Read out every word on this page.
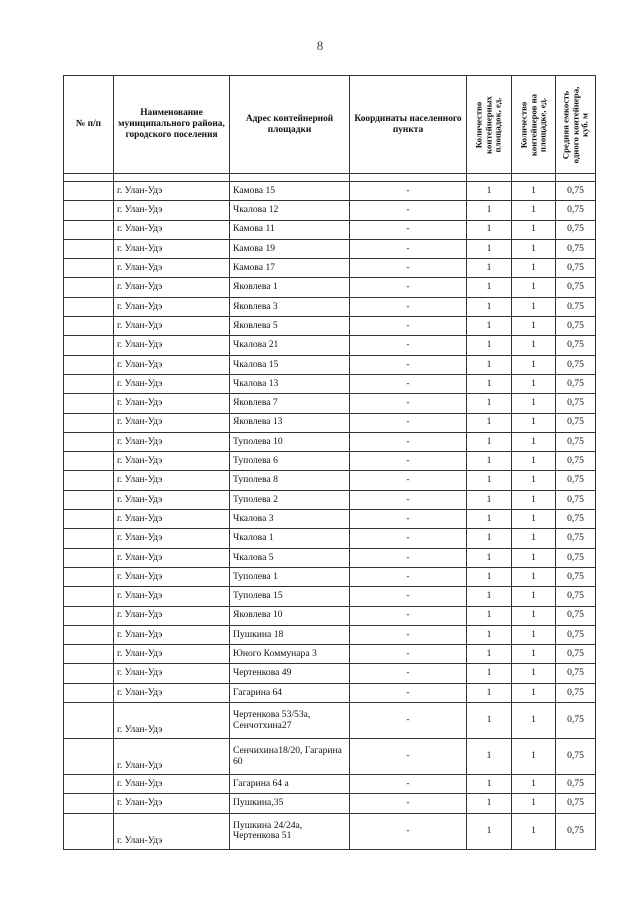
8
№ п/п	Наименование муниципального района, городского поселения	Адрес контейнерной площадки	Координаты населенного пункта	Количество контейнерных площадок, ед.	Количество контейнеров на площадке, ед.	Средняя емкость одного контейнера, куб. м

	г. Улан-Удэ	Камова 15	-	1	1	0,75
	г. Улан-Удэ	Чкалова 12	-	1	1	0,75
	г. Улан-Удэ	Камова 11	-	1	1	0,75
	г. Улан-Удэ	Камова 19	-	1	1	0,75
	г. Улан-Удэ	Камова 17	-	1	1	0,75
	г. Улан-Удэ	Яковлева 1	-	1	1	0,75
	г. Улан-Удэ	Яковлева 3	-	1	1	0.75
	г. Улан-Удэ	Яковлева 5	-	1	1	0,75
	г. Улан-Удэ	Чкалова 21	-	1	1	0,75
	г. Улан-Удэ	Чкалова 15	-	1	1	0,75
	г. Улан-Удэ	Чкалова 13	-	1	1	0,75
	г. Улан-Удэ	Яковлева 7	-	1	1	0,75
	г. Улан-Удэ	Яковлева 13	-	1	1	0,75
	г. Улан-Удэ	Туполева 10	-	1	1	0,75
	г. Улан-Удэ	Туполева 6	-	1	1	0,75
	г. Улан-Удэ	Туполева 8	-	1	1	0,75
	г. Улан-Удэ	Туполева 2	-	1	1	0,75
	г. Улан-Удэ	Чкалова 3	-	1	1	0,75
	г. Улан-Удэ	Чкалова 1	-	1	1	0,75
	г. Улан-Удэ	Чкалова 5	-	1	1	0,75
	г. Улан-Удэ	Туполева 1	-	1	1	0,75
	г. Улан-Удэ	Туполева 15	-	1	1	0,75
	г. Улан-Удэ	Яковлева 10	-	1	1	0,75
	г. Улан-Удэ	Пушкина 18	-	1	1	0,75
	г. Улан-Удэ	Юного Коммунара 3	-	1	1	0,75
	г. Улан-Удэ	Чертенкова 49	-	1	1	0,75
	г. Улан-Удэ	Гагарина 64	-	1	1	0,75
	г. Улан-Удэ	Чертенкова 53/53а, Сенчотхина27	-	1	1	0,75
	г. Улан-Удэ	Сенчихина18/20, Гагарина 60	-	1	1	0,75
	г. Улан-Удэ	Гагарина 64 а	-	1	1	0,75
	г. Улан-Удэ	Пушкина,35	-	1	1	0,75
	г. Улан-Удэ	Пушкина 24/24а, Чертенкова 51	-	1	1	0,75
